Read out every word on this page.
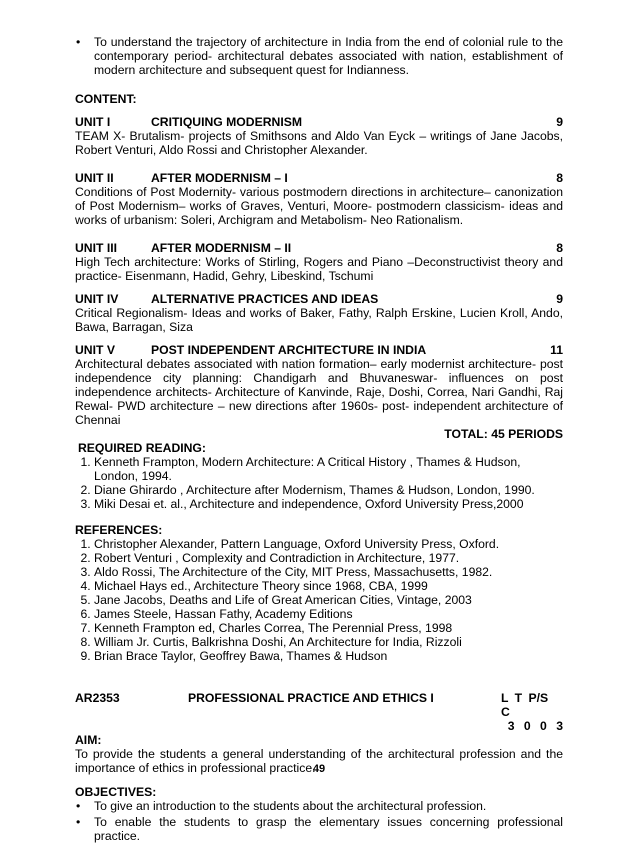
• To understand the trajectory of architecture in India from the end of colonial rule to the contemporary period- architectural debates associated with nation, establishment of modern architecture and subsequent quest for Indianness.

CONTENT:

UNIT I	CRITIQUING MODERNISM	9

TEAM X- Brutalism- projects of Smithsons and Aldo Van Eyck – writings of Jane Jacobs, Robert Venturi, Aldo Rossi and Christopher Alexander.

UNIT II	AFTER MODERNISM – I	8

Conditions of Post Modernity- various postmodern directions in architecture– canonization of Post Modernism– works of Graves, Venturi, Moore- postmodern classicism- ideas and works of urbanism: Soleri, Archigram and Metabolism- Neo Rationalism.

UNIT III	AFTER MODERNISM – II	8

High Tech architecture: Works of Stirling, Rogers and Piano –Deconstructivist theory and practice- Eisenmann, Hadid, Gehry, Libeskind, Tschumi

UNIT IV	ALTERNATIVE PRACTICES AND IDEAS	9

Critical Regionalism- Ideas and works of Baker, Fathy, Ralph Erskine, Lucien Kroll, Ando, Bawa, Barragan, Siza

UNIT V	POST INDEPENDENT ARCHITECTURE IN INDIA	11

Architectural debates associated with nation formation– early modernist architecture- post independence city planning: Chandigarh and Bhuvaneswar- influences on post independence architects- Architecture of Kanvinde, Raje, Doshi, Correa, Nari Gandhi, Raj Rewal- PWD architecture – new directions after 1960s- post- independent architecture of Chennai

TOTAL: 45 PERIODS

REQUIRED READING:

1. Kenneth Frampton, Modern Architecture: A Critical History , Thames & Hudson, London, 1994.
2. Diane Ghirardo , Architecture after Modernism, Thames & Hudson, London, 1990.
3. Miki Desai et. al., Architecture and independence, Oxford University Press,2000

REFERENCES:

1. Christopher Alexander, Pattern Language, Oxford University Press, Oxford.
2. Robert Venturi , Complexity and Contradiction in Architecture, 1977.
3. Aldo Rossi, The Architecture of the City, MIT Press, Massachusetts, 1982.
4. Michael Hays ed., Architecture Theory since 1968, CBA, 1999
5. Jane Jacobs, Deaths and Life of Great American Cities, Vintage, 2003
6. James Steele, Hassan Fathy, Academy Editions
7. Kenneth Frampton ed, Charles Correa, The Perennial Press, 1998
8. William Jr. Curtis, Balkrishna Doshi, An Architecture for India, Rizzoli
9. Brian Brace Taylor, Geoffrey Bawa, Thames & Hudson
AR2353	PROFESSIONAL PRACTICE AND ETHICS I	L T P/S C

3 0 0 3

AIM:

To provide the students a general understanding of the architectural profession and the importance of ethics in professional practice.

OBJECTIVES:

• To give an introduction to the students about the architectural profession.

• To enable the students to grasp the elementary issues concerning professional practice.

49
